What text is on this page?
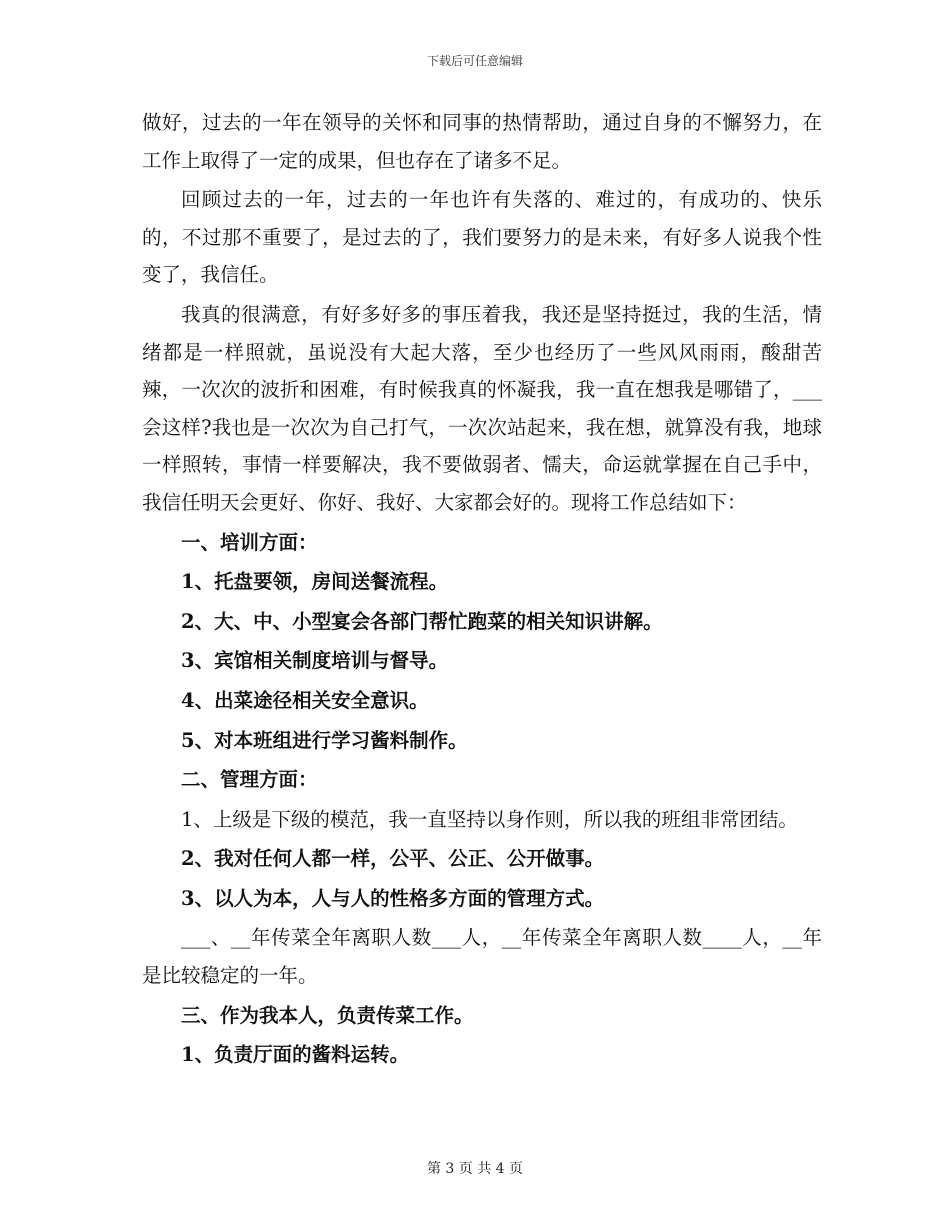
下载后可任意编辑

做好，过去的一年在领导的关怀和同事的热情帮助，通过自身的不懈努力，在工作上取得了一定的成果，但也存在了诸多不足。

回顾过去的一年，过去的一年也许有失落的、难过的，有成功的、快乐的，不过那不重要了，是过去的了，我们要努力的是未来，有好多人说我个性变了，我信任。

我真的很满意，有好多好多的事压着我，我还是坚持挺过，我的生活，情绪都是一样照就，虽说没有大起大落，至少也经历了一些风风雨雨，酸甜苦辣，一次次的波折和困难，有时候我真的怀凝我，我一直在想我是哪错了，___会这样?我也是一次次为自己打气，一次次站起来，我在想，就算没有我，地球一样照转，事情一样要解决，我不要做弱者、懦夫，命运就掌握在自己手中，我信任明天会更好、你好、我好、大家都会好的。现将工作总结如下：

一、培训方面：

1、托盘要领，房间送餐流程。

2、大、中、小型宴会各部门帮忙跑菜的相关知识讲解。

3、宾馆相关制度培训与督导。

4、出菜途径相关安全意识。

5、对本班组进行学习酱料制作。

二、管理方面：

1、上级是下级的模范，我一直坚持以身作则，所以我的班组非常团结。

2、我对任何人都一样，公平、公正、公开做事。

3、以人为本，人与人的性格多方面的管理方式。

___、__年传菜全年离职人数___人，__年传菜全年离职人数____人，__年是比较稳定的一年。

三、作为我本人，负责传菜工作。

1、负责厅面的酱料运转。

第 3 页 共 4 页
